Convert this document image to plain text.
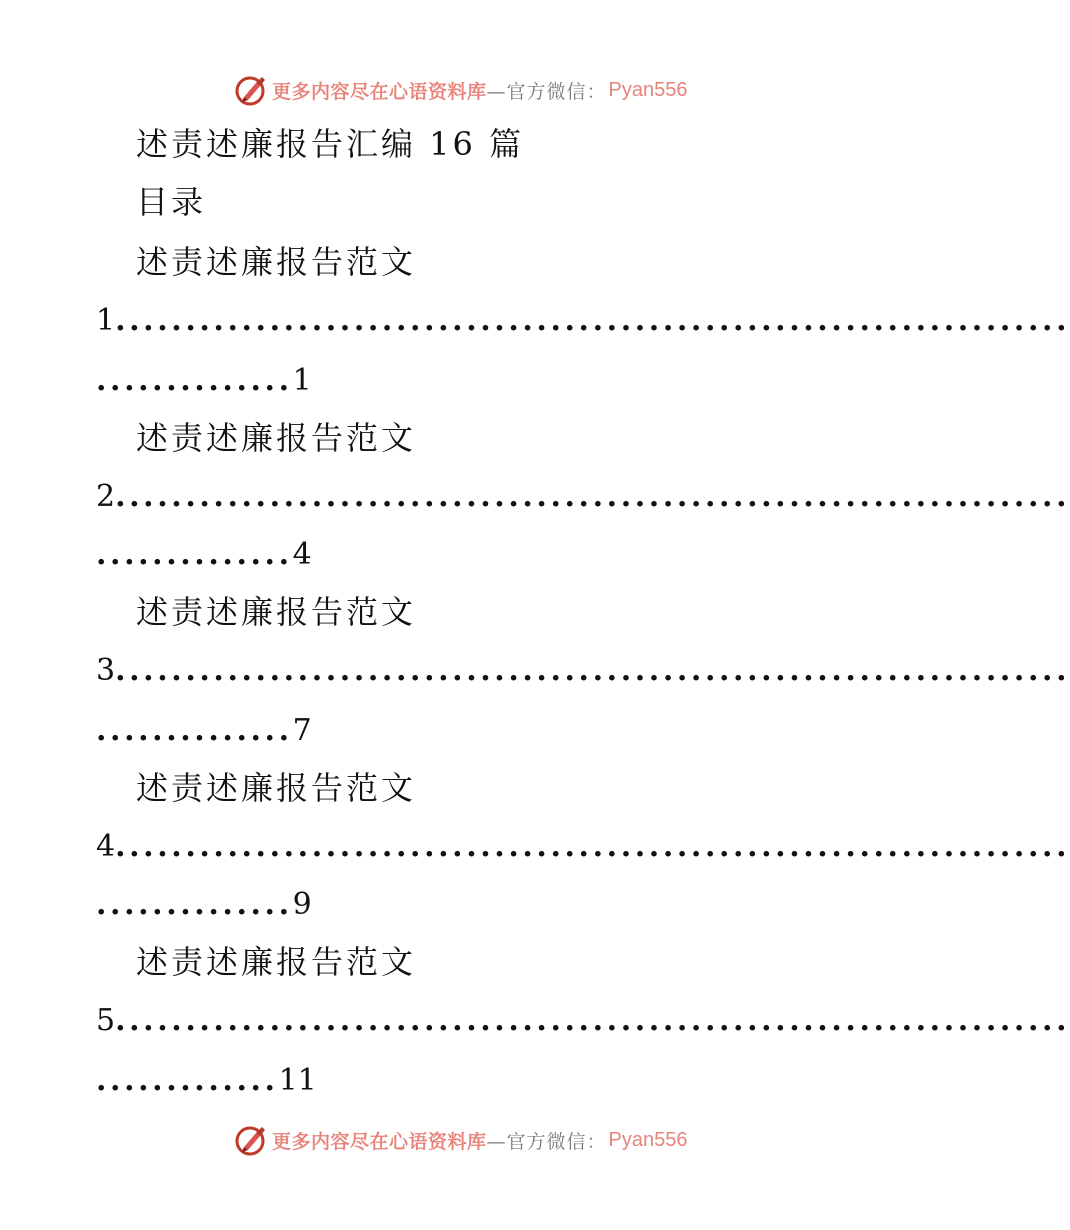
更多内容尽在心语资料库 —官方微信： Pyan556
述责述廉报告汇编 16 篇
目录
述责述廉报告范文
1 ....................................................................
.............. 1
述责述廉报告范文
2 ....................................................................
.............. 4
述责述廉报告范文
3 ....................................................................
.............. 7
述责述廉报告范文
4 ....................................................................
.............. 9
述责述廉报告范文
5 ....................................................................
............. 11
更多内容尽在心语资料库 —官方微信： Pyan556
